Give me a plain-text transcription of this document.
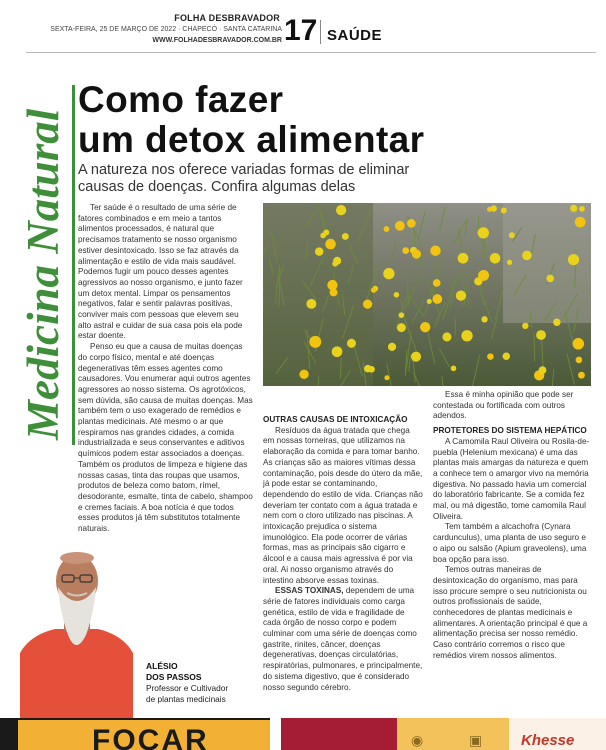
FOLHA DESBRAVADOR
SEXTA-FEIRA, 25 DE MARÇO DE 2022 · CHAPECÓ · SANTA CATARINA
WWW.FOLHADESBRAVADOR.COM.BR 17 SAÚDE
Medicina Natural
Como fazer
um detox alimentar
A natureza nos oferece variadas formas de eliminar causas de doenças. Confira algumas delas

Ter saúde é o resultado de uma série de fatores combinados e em meio a tantos alimentos processados, é natural que precisamos tratamento se nosso organismo estiver desintoxicado. Isso se faz através da alimentação e estilo de vida mais saudável. Podemos fugir um pouco desses agentes agressivos ao nosso organismo, e junto fazer um detox mental. Limpar os pensamentos negativos, falar e sentir palavras positivas, conviver mais com pessoas que elevem seu alto astral e cuidar de sua casa pois ela pode estar doente.

Penso eu que a causa de muitas doenças do corpo físico, mental e até doenças degenerativas têm esses agentes como causadores. Vou enumerar aqui outros agentes agressores ao nosso sistema. Os agrotóxicos, sem dúvida, são causa de muitas doenças. Mas também tem o uso exagerado de remédios e plantas medicinais. Até mesmo o ar que respiramos nas grandes cidades, a comida industrializada e seus conservantes e aditivos químicos podem estar associados a doenças. Também os produtos de limpeza e higiene das nossas casas, tinta das roupas que usamos, produtos de beleza como batom, rímel, desodorante, esmalte, tinta de cabelo, shampoo e cremes faciais. A boa notícia é que todos esses produtos já têm substitutos totalmente naturais.

OUTRAS CAUSAS DE INTOXICAÇÃO

Resíduos da água tratada que chega em nossas torneiras, que utilizamos na elaboração da comida e para tomar banho. As crianças são as maiores vítimas dessa contaminação, pois desde do útero da mãe, já pode estar se contaminando, dependendo do estilo de vida. Crianças não deveriam ter contato com a água tratada e nem com o cloro utilizado nas piscinas. A intoxicação prejudica o sistema imunológico. Ela pode ocorrer de várias formas, mas as principais são cigarro e álcool e a causa mais agressiva é por via oral. Ai nosso organismo através do intestino absorve essas toxinas.

ESSAS TOXINAS, dependem de uma série de fatores individuais como carga genética, estilo de vida e fragilidade de cada órgão de nosso corpo e podem culminar com uma série de doenças como gastrite, rinites, câncer, doenças degenerativas, doenças circulatórias, respiratórias, pulmonares, e principalmente, do sistema digestivo, que é considerado nosso segundo cérebro.

Essa é minha opinião que pode ser contestada ou fortificada com outros adendos.

PROTETORES DO SISTEMA HEPÁTICO

A Camomila Raul Oliveira ou Rosila-de-puebla (Helenium mexicana) é uma das plantas mais amargas da natureza e quem a conhece tem o amargor vivo na memória digestiva. No passado havia um comercial do laboratório fabricante. Se a comida fez mal, ou má digestão, tome camomila Raul Oliveira.

Tem também a alcachofra (Cynara cardunculus), uma planta de uso seguro e o aipo ou salsão (Apium graveolens), uma boa opção para isso.

Temos outras maneiras de desintoxicação do organismo, mas para isso procure sempre o seu nutricionista ou outros profissionais de saúde, conhecedores de plantas medicinais e alimentares. A orientação principal é que a alimentação precisa ser nosso remédio. Caso contrário corremos o risco que remédios virem nossos alimentos.

ALÉSIO
DOS PASSOS
Professor e Cultivador
de plantas medicinais
FOCAR	◉	▣	Khesse
